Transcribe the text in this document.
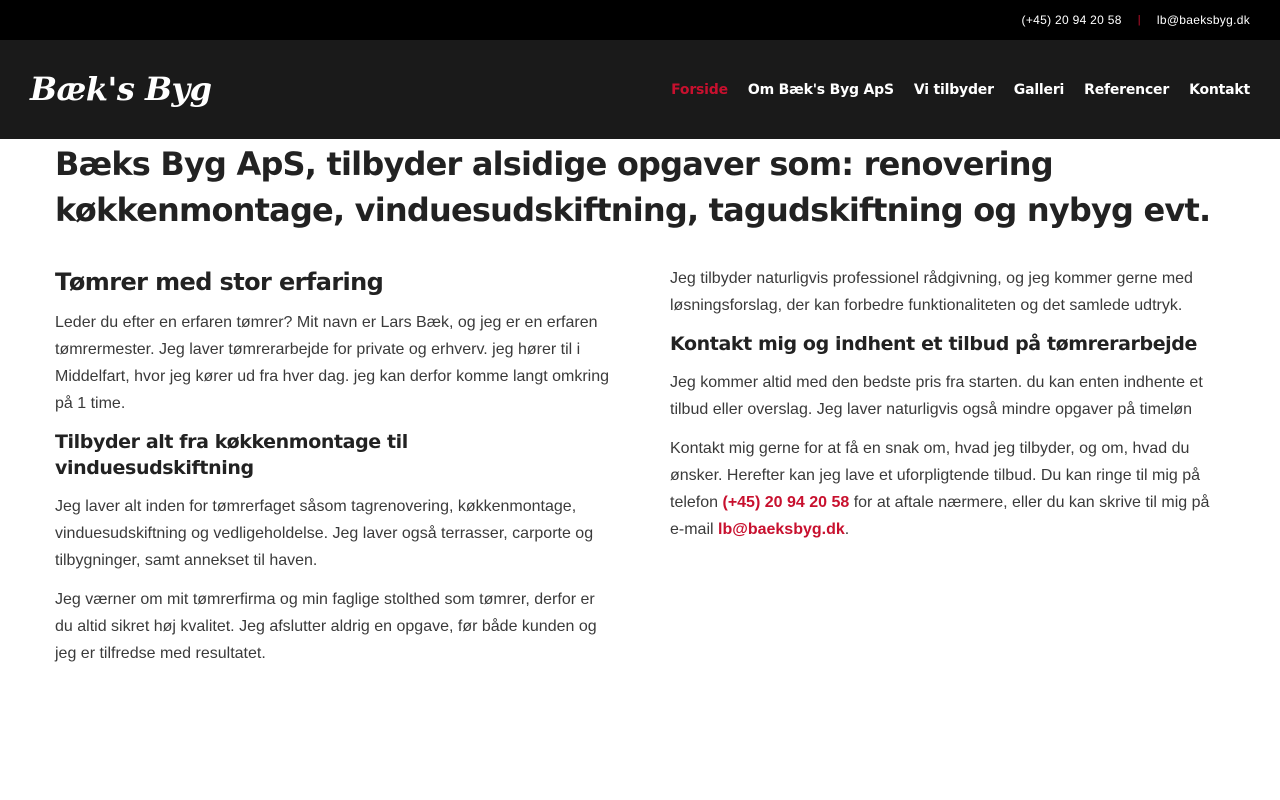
(+45) 20 94 20 58 | lb@baeksbyg.dk
Bæk's Byg	Forside Om Bæk's Byg ApS Vi tilbyder Galleri Referencer Kontakt
Bæks Byg ApS, tilbyder alsidige opgaver som: renovering køkkenmontage, vinduesudskiftning, tagudskiftning og nybyg evt.
Tømrer med stor erfaring

Leder du efter en erfaren tømrer? Mit navn er Lars Bæk, og jeg er en erfaren tømrermester. Jeg laver tømrerarbejde for private og erhverv. jeg hører til i Middelfart, hvor jeg kører ud fra hver dag. jeg kan derfor komme langt omkring på 1 time.

Tilbyder alt fra køkkenmontage til vinduesudskiftning

Jeg laver alt inden for tømrerfaget såsom tagrenovering, køkkenmontage, vinduesudskiftning og vedligeholdelse. Jeg laver også terrasser, carporte og tilbygninger, samt annekset til haven.

Jeg værner om mit tømrerfirma og min faglige stolthed som tømrer, derfor er du altid sikret høj kvalitet. Jeg afslutter aldrig en opgave, før både kunden og jeg er tilfredse med resultatet.

Jeg tilbyder naturligvis professionel rådgivning, og jeg kommer gerne med løsningsforslag, der kan forbedre funktionaliteten og det samlede udtryk.

Kontakt mig og indhent et tilbud på tømrerarbejde

Jeg kommer altid med den bedste pris fra starten. du kan enten indhente et tilbud eller overslag. Jeg laver naturligvis også mindre opgaver på timeløn

Kontakt mig gerne for at få en snak om, hvad jeg tilbyder, og om, hvad du ønsker. Herefter kan jeg lave et uforpligtende tilbud. Du kan ringe til mig på telefon (+45) 20 94 20 58 for at aftale nærmere, eller du kan skrive til mig på e-mail lb@baeksbyg.dk.
